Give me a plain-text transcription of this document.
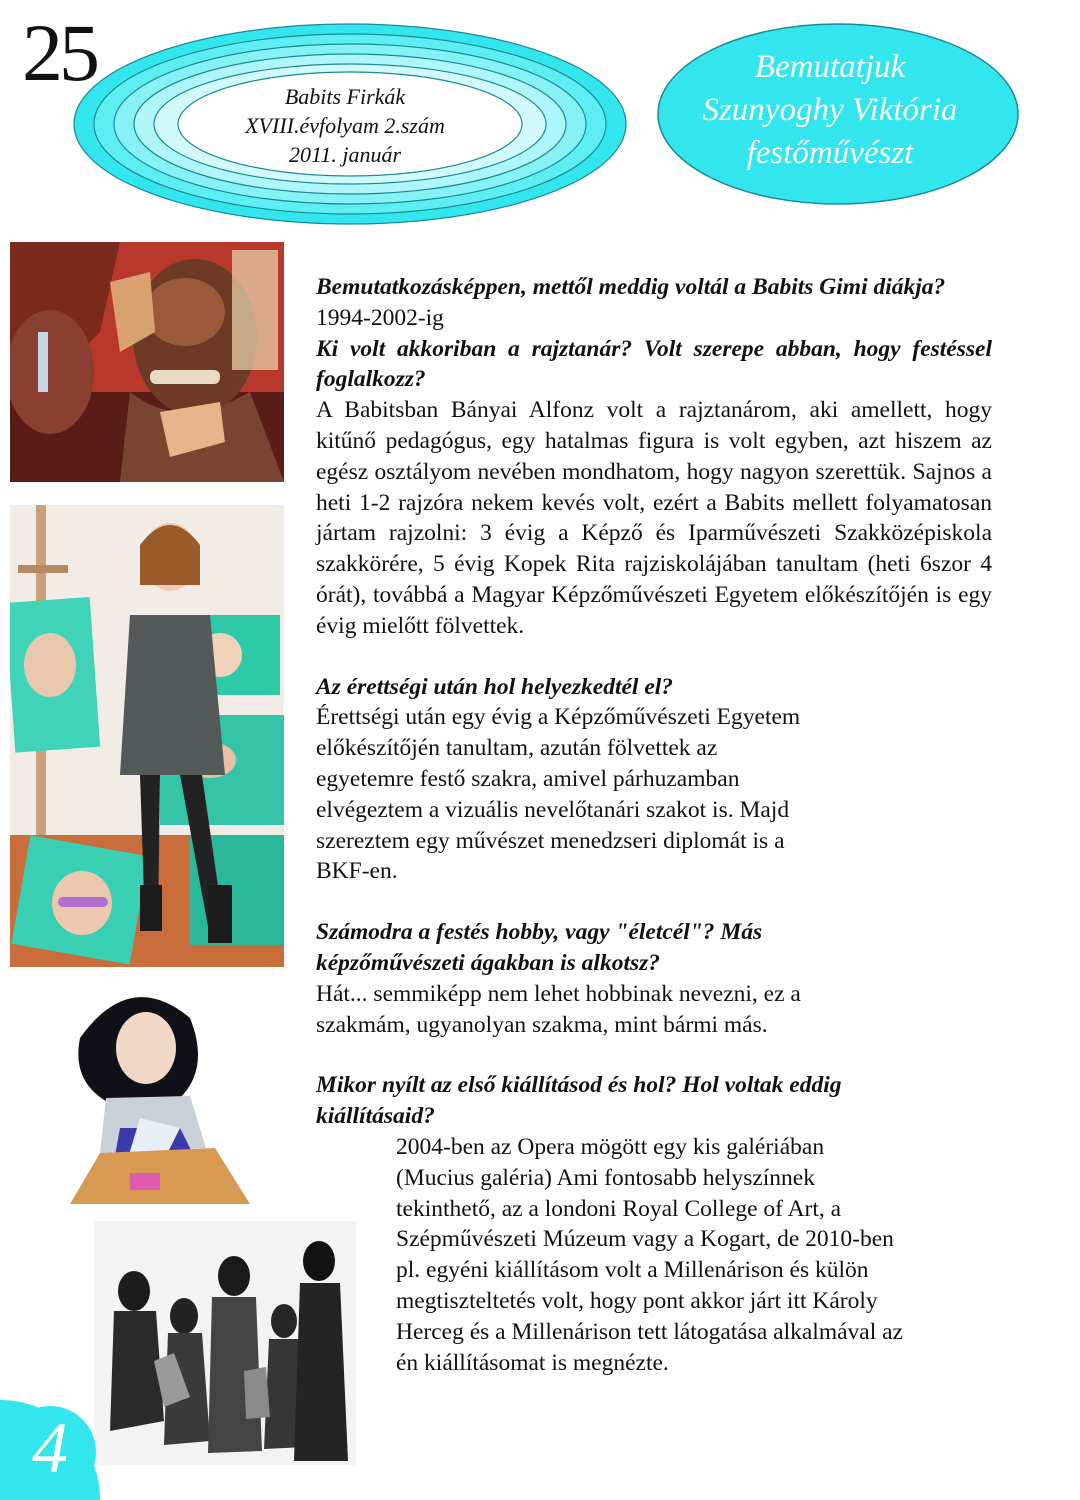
25	Babits Firkák
XVIII.évfolyam 2.szám
2011. január
Bemutatjuk
Szunyoghy Viktória
festőművészt

Bemutatkozásképpen, mettől meddig voltál a Babits Gimi diákja?

1994-2002-ig

Ki volt akkoriban a rajztanár? Volt szerepe abban, hogy festéssel foglalkozz?

A Babitsban Bányai Alfonz volt a rajztanárom, aki amellett, hogy kitűnő pedagógus, egy hatalmas figura is volt egyben, azt hiszem az egész osztályom nevében mondhatom, hogy nagyon szerettük. Sajnos a heti 1-2 rajzóra nekem kevés volt, ezért a Babits mellett folyamatosan jártam rajzolni: 3 évig a Képző és Iparművészeti Szakközépiskola szakkörére, 5 évig Kopek Rita rajziskolájában tanultam (heti 6szor 4 órát), továbbá a Magyar Képzőművészeti Egyetem előkészítőjén is egy évig mielőtt fölvettek.

Az érettségi után hol helyezkedtél el?

Érettségi után egy évig a Képzőművészeti Egyetem előkészítőjén tanultam, azután fölvettek az egyetemre festő szakra, amivel párhuzamban elvégeztem a vizuális nevelőtanári szakot is. Majd szereztem egy művészet menedzseri diplomát is a BKF-en.

Számodra a festés hobby, vagy "életcél"? Más képzőművészeti ágakban is alkotsz?

Hát... semmiképp nem lehet hobbinak nevezni, ez a szakmám, ugyanolyan szakma, mint bármi más.

Mikor nyílt az első kiállításod és hol? Hol voltak eddig kiállításaid?

2004-ben az Opera mögött egy kis galériában (Mucius galéria) Ami fontosabb helyszínnek tekinthető, az a londoni Royal College of Art, a Szépművészeti Múzeum vagy a Kogart, de 2010-ben pl. egyéni kiállításom volt a Millenárison és külön megtiszteltetés volt, hogy pont akkor járt itt Károly Herceg és a Millenárison tett látogatása alkalmával az én kiállításomat is megnézte.

4
